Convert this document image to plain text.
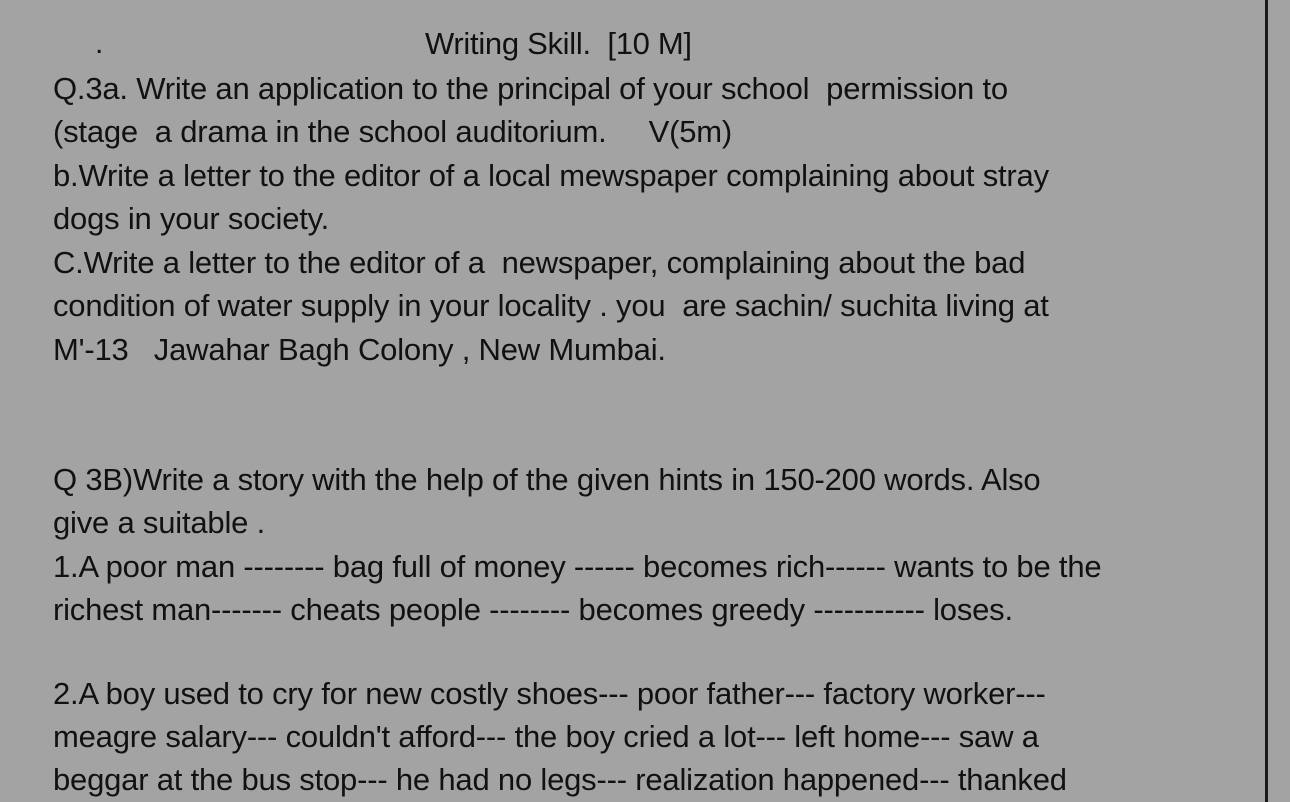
.	Writing Skill.  [10 M]
Q.3a. Write an application to the principal of your school  permission to
(stage  a drama in the school auditorium.     V(5m)
b.Write a letter to the editor of a local mewspaper complaining about stray
dogs in your society.
C.Write a letter to the editor of a  newspaper, complaining about the bad
condition of water supply in your locality . you  are sachin/ suchita living at
M'-13   Jawahar Bagh Colony , New Mumbai.
Q 3B)Write a story with the help of the given hints in 150-200 words. Also
give a suitable .
1.A poor man -------- bag full of money ------ becomes rich------ wants to be the
richest man------- cheats people -------- becomes greedy ----------- loses.
2.A boy used to cry for new costly shoes--- poor father--- factory worker---
meagre salary--- couldn't afford--- the boy cried a lot--- left home--- saw a
beggar at the bus stop--- he had no legs--- realization happened--- thanked
